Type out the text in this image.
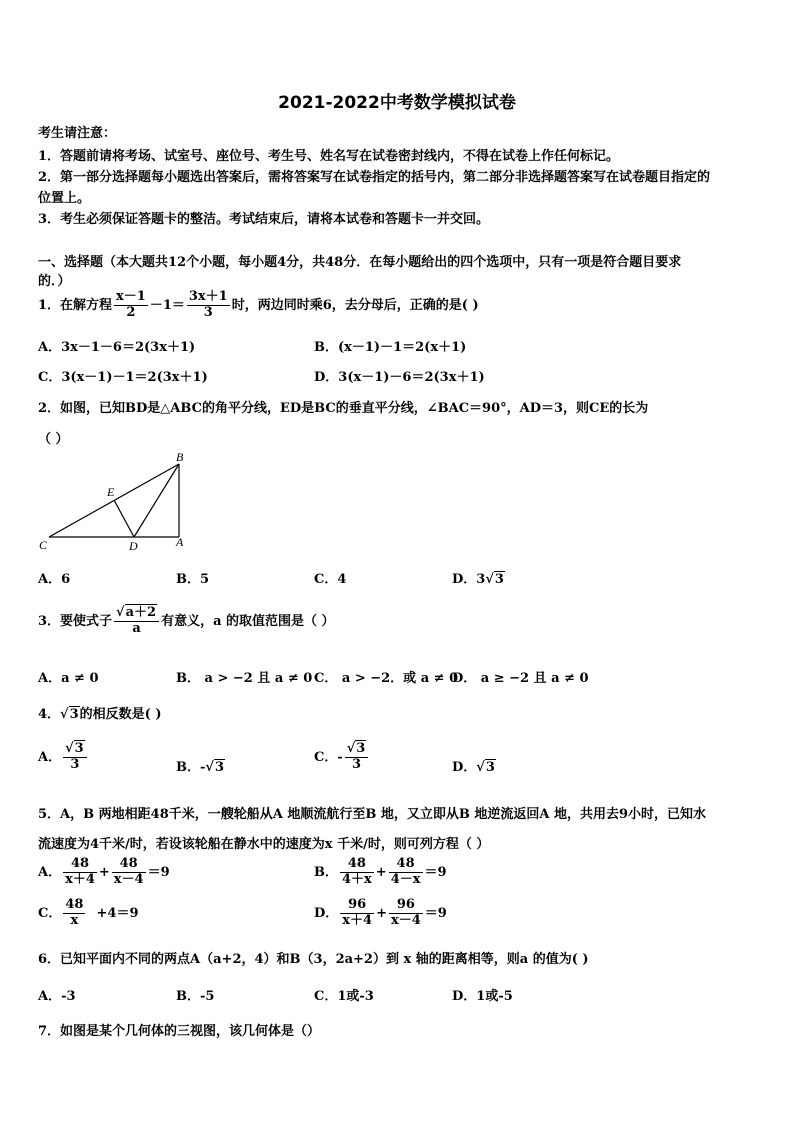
2021-2022中考数学模拟试卷
考生请注意：
1．答题前请将考场、试室号、座位号、考生号、姓名写在试卷密封线内，不得在试卷上作任何标记。
2．第一部分选择题每小题选出答案后，需将答案写在试卷指定的括号内，第二部分非选择题答案写在试卷题目指定的
位置上。
3．考生必须保证答题卡的整洁。考试结束后，请将本试卷和答题卡一并交回。
一、选择题（本大题共12个小题，每小题4分，共48分．在每小题给出的四个选项中，只有一项是符合题目要求
的．）
1．在解方程 $\frac{x-1}{2} -1= \frac{3x+1}{3}$ 时，两边同时乘6，去分母后，正确的是( )
A．3x－1－6＝2(3x＋1)	B．(x－1)－1＝2(x＋1)
C．3(x－1)－1＝2(3x＋1)	D．3(x－1)－6＝2(3x＋1)
2．如图，已知BD是△ABC的角平分线，ED是BC的垂直平分线，∠BAC＝90°，AD＝3，则CE的长为
（ ）
B
E
C	D	A
A．6	B．5	C．4	D．3√3
3．要使式子 $\frac{√a+2}{a}$ 有意义，a 的取值范围是（ ）
A．a ≠ 0	B． a > −2 且 a ≠ 0 C． a > −2．或 a ≠ 0
D． a ≥ −2 且 a ≠ 0
4．√3的相反数是( )
A． $\frac{√3}{3}$	B．-√3
C．- $\frac{√3}{3}$	D．√3
5．A，B 两地相距48千米，一艘轮船从A 地顺流航行至B 地，又立即从B 地逆流返回A 地，共用去9小时，已知水
流速度为4千米/时，若设该轮船在静水中的速度为x 千米/时，则可列方程（ ）
A． $\frac{48}{x+4} + \frac{48}{x-4} =9$	B． $\frac{48}{4+x} + \frac{48}{4-x} =9$
C． $\frac{48}{x} +4=9$	D． $\frac{96}{x+4} + \frac{96}{x-4} =9$
6．已知平面内不同的两点A（a+2，4）和B（3，2a+2）到 x 轴的距离相等，则a 的值为( )
A．-3	B．-5	C．1或-3	D．1或-5
7．如图是某个几何体的三视图，该几何体是（）
